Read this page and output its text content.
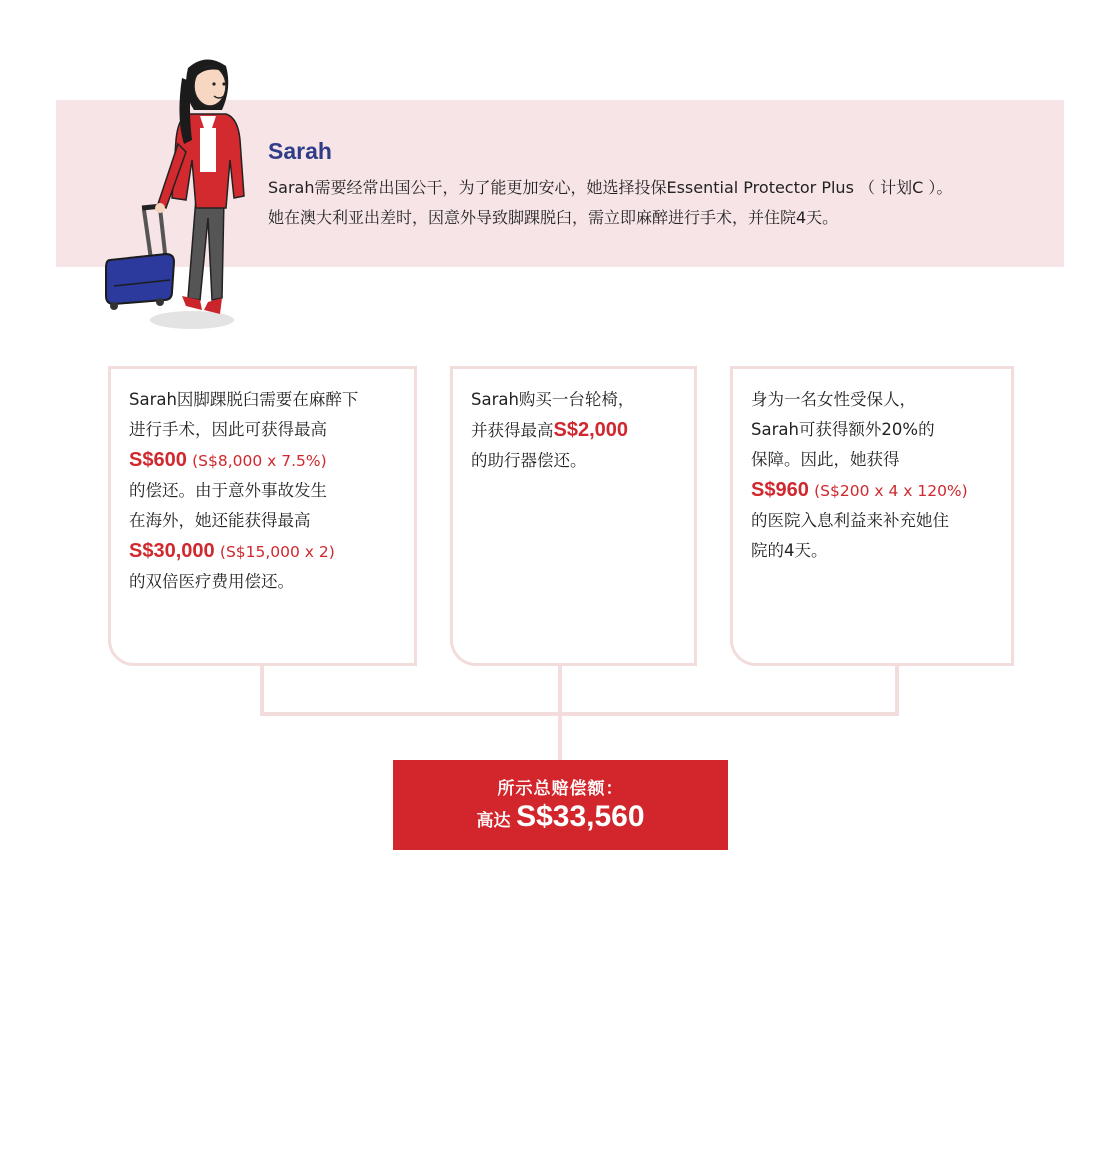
Sarah
Sarah需要经常出国公干，为了能更加安心，她选择投保Essential Protector Plus （ 计划C ）。
她在澳大利亚出差时，因意外导致脚踝脱臼，需立即麻醉进行手术，并住院4天。
Sarah因脚踝脱臼需要在麻醉下
进行手术，因此可获得最高
S$600 (S$8,000 x 7.5%)
的偿还。由于意外事故发生
在海外，她还能获得最高
S$30,000 (S$15,000 x 2)
的双倍医疗费用偿还。
Sarah购买一台轮椅，
并获得最高S$2,000
的助行器偿还。
身为一名女性受保人，
Sarah可获得额外20%的
保障。因此，她获得
S$960 (S$200 x 4 x 120%)
的医院入息利益来补充她住
院的4天。
所示总赔偿额：
高达 S$33,560
